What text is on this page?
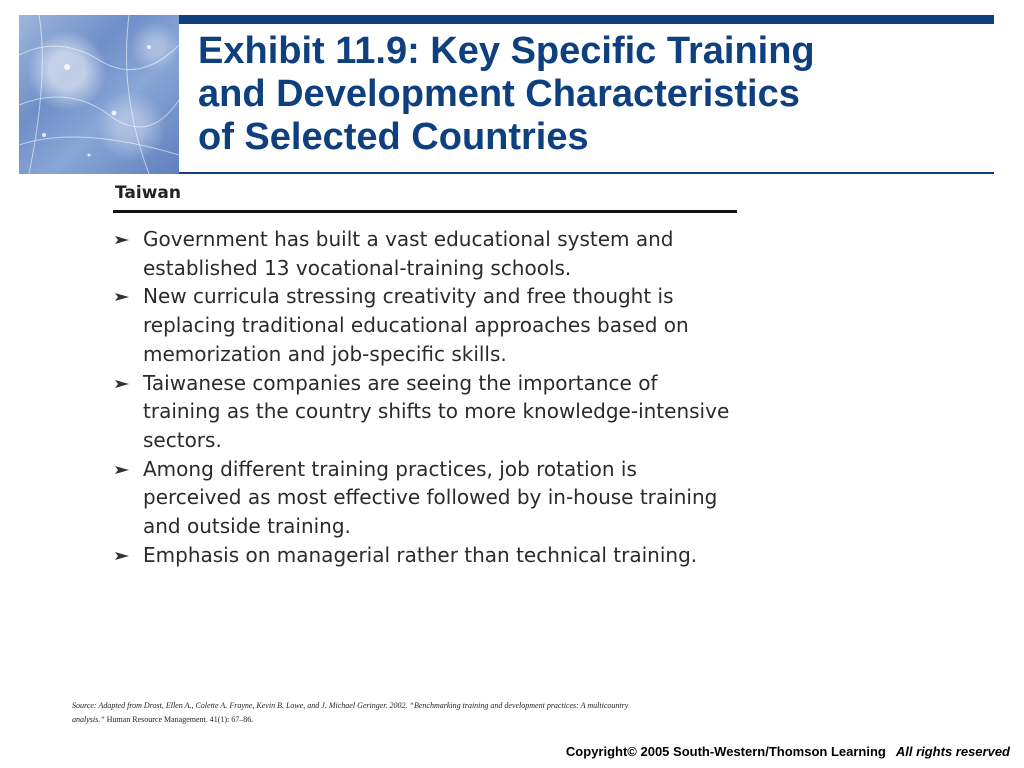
Exhibit 11.9: Key Specific Training
and Development Characteristics
of Selected Countries
Taiwan
Government has built a vast educational system and established 13 vocational-training schools.
New curricula stressing creativity and free thought is replacing traditional educational approaches based on memorization and job-specific skills.
Taiwanese companies are seeing the importance of training as the country shifts to more knowledge-intensive sectors.
Among different training practices, job rotation is perceived as most effective followed by in-house training and outside training.
Emphasis on managerial rather than technical training.
Source: Adapted from Drost, Ellen A., Colette A. Frayne, Kevin B. Lowe, and J. Michael Geringer. 2002. “Benchmarking training and development practices: A multicountry analysis.” Human Resource Management. 41(1): 67–86.
Copyright© 2005 South-Western/Thomson Learning All rights reserved
